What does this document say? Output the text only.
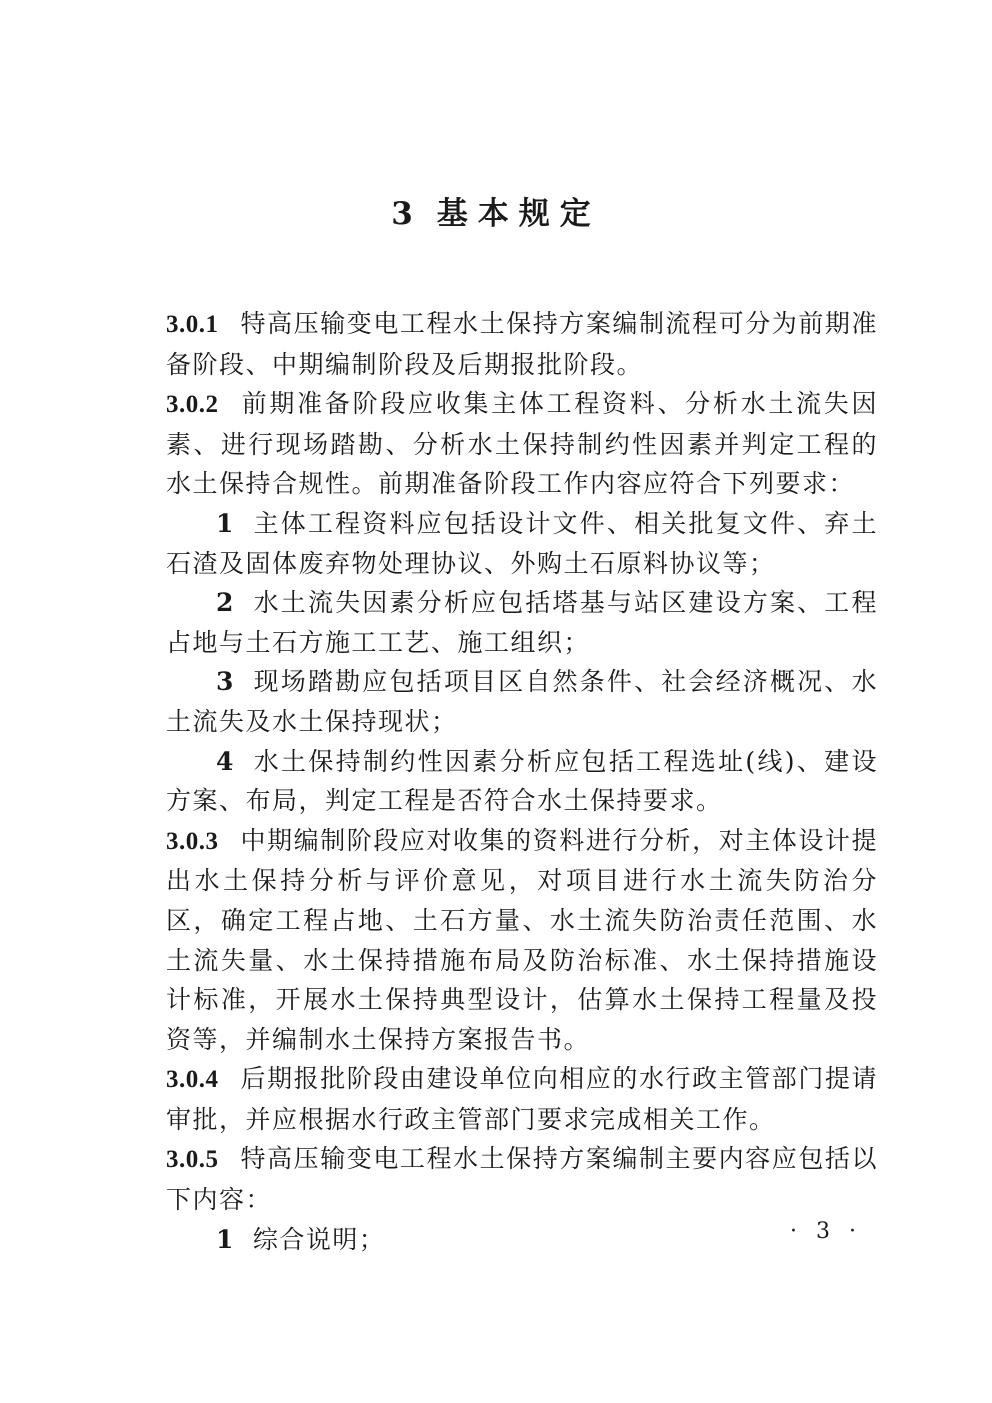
3 基本规定

3.0.1 特高压输变电工程水土保持方案编制流程可分为前期准备阶段、中期编制阶段及后期报批阶段。

3.0.2 前期准备阶段应收集主体工程资料、分析水土流失因素、进行现场踏勘、分析水土保持制约性因素并判定工程的水土保持合规性。前期准备阶段工作内容应符合下列要求：

1 主体工程资料应包括设计文件、相关批复文件、弃土石渣及固体废弃物处理协议、外购土石原料协议等；

2 水土流失因素分析应包括塔基与站区建设方案、工程占地与土石方施工工艺、施工组织；

3 现场踏勘应包括项目区自然条件、社会经济概况、水土流失及水土保持现状；

4 水土保持制约性因素分析应包括工程选址(线)、建设方案、布局，判定工程是否符合水土保持要求。

3.0.3 中期编制阶段应对收集的资料进行分析，对主体设计提出水土保持分析与评价意见，对项目进行水土流失防治分区，确定工程占地、土石方量、水土流失防治责任范围、水土流失量、水土保持措施布局及防治标准、水土保持措施设计标准，开展水土保持典型设计，估算水土保持工程量及投资等，并编制水土保持方案报告书。

3.0.4 后期报批阶段由建设单位向相应的水行政主管部门提请审批，并应根据水行政主管部门要求完成相关工作。

3.0.5 特高压输变电工程水土保持方案编制主要内容应包括以下内容：

1 综合说明；	· 3 ·
